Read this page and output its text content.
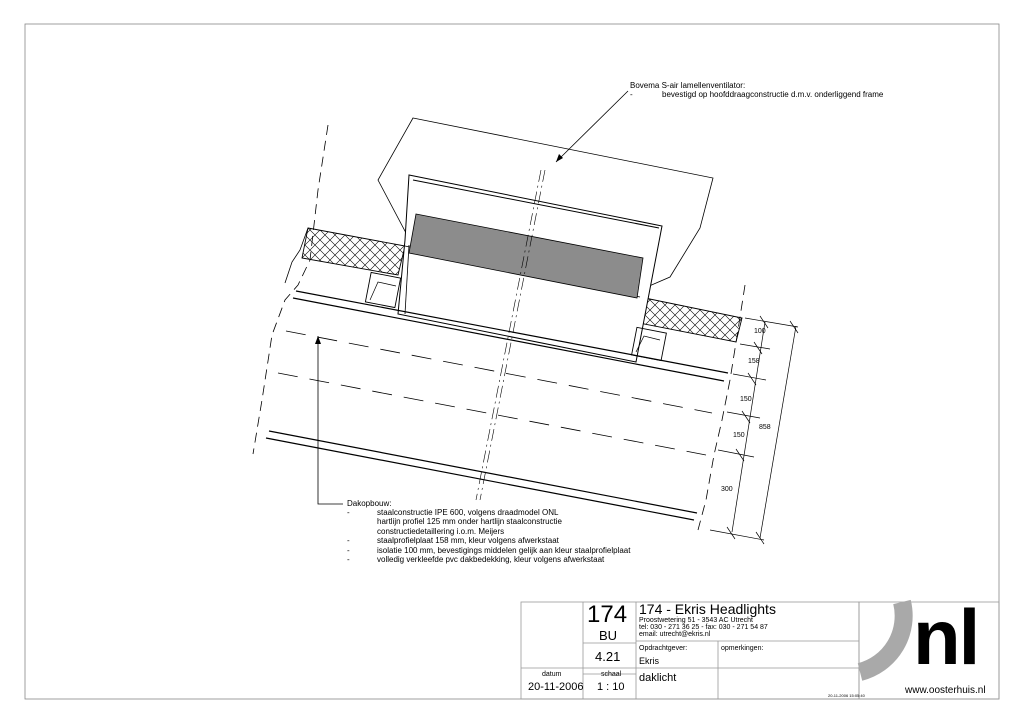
Bovema S-air lamellenventilator:
-	bevestigd op hoofddraagconstructie d.m.v. onderliggend frame
Dakopbouw:
-	staalconstructie IPE 600, volgens draadmodel ONL
hartlijn profiel 125 mm onder hartlijn staalconstructie
constructiedetaillering i.o.m. Meijers
-	staalprofielplaat 158 mm, kleur volgens afwerkstaat
-	isolatie 100 mm, bevestigings middelen gelijk aan kleur staalprofielplaat
-	volledig verkleefde pvc dakbedekking, kleur volgens afwerkstaat
100
158
150
150
300
858
174
BU
4.21
174 - Ekris Headlights
Proostwetering 51 - 3543 AC Utrecht
tel: 030 - 271 36 25 - fax: 030 - 271 54 87
email: utrecht@ekris.nl
Opdrachtgever:
Ekris
opmerkingen:
datum
20-11-2006
schaal
1 : 10
daklicht	nl
www.oosterhuis.nl
20-11-2006 15:05:40
